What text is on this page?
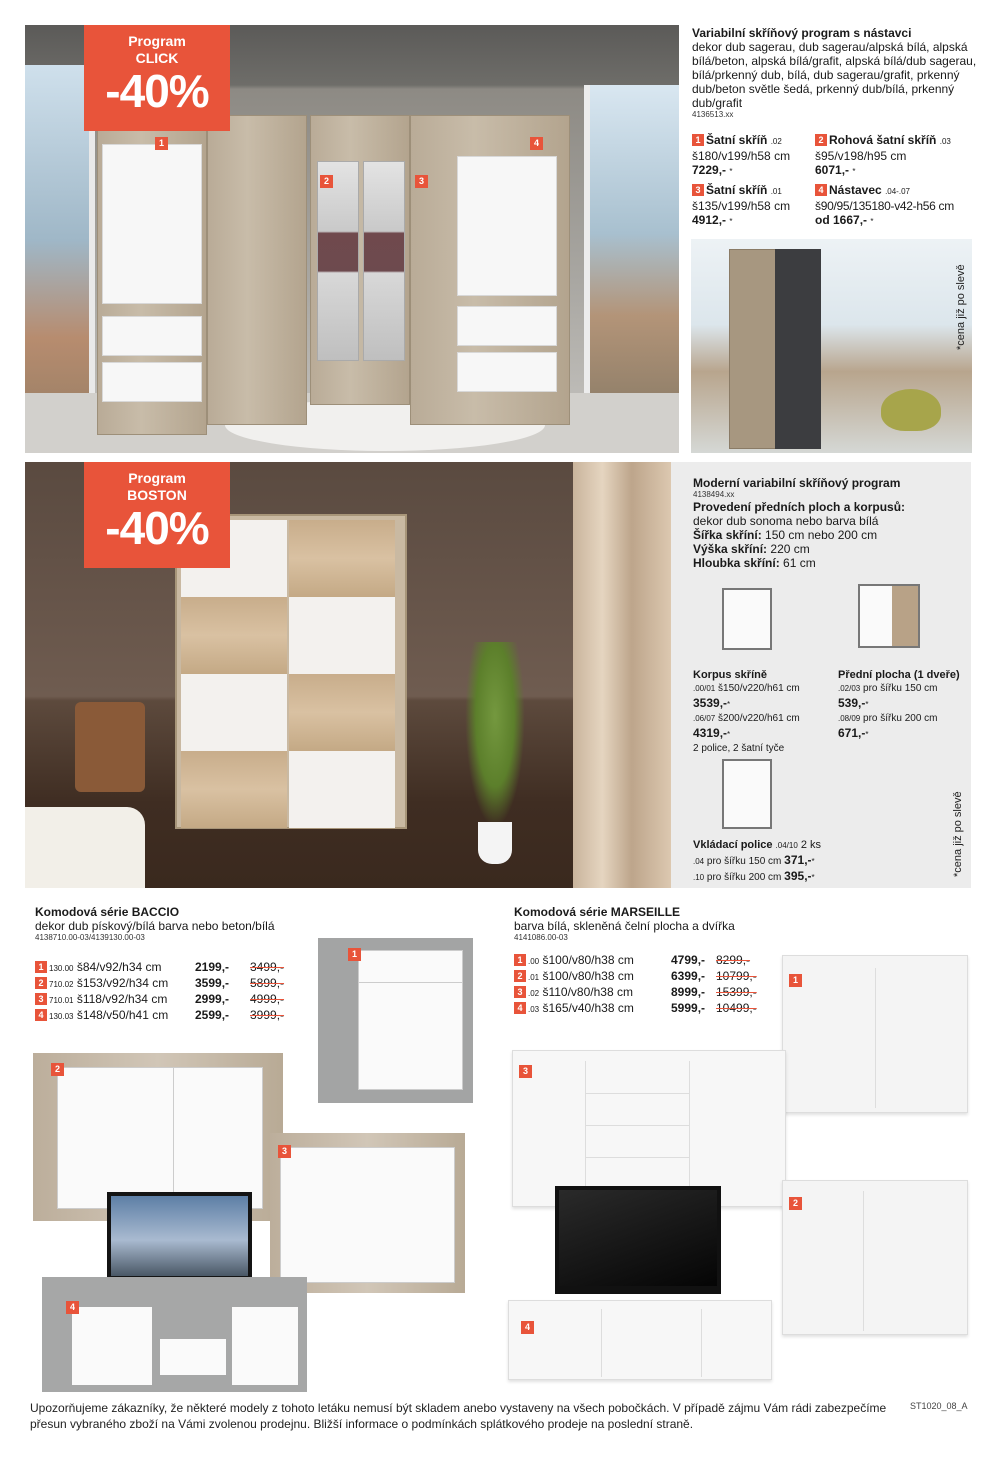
1
2	3
4
Program
CLICK
-40%
Variabilní skříňový program s nástavci
dekor dub sagerau, dub sagerau/alpská bílá, alpská bílá/beton, alpská bílá/grafit, alpská bílá/dub sagerau, bílá/prkenný dub, bílá, dub sagerau/grafit, prkenný dub/beton světle šedá, prkenný dub/bílá, prkenný dub/grafit
4136513.xx
1 Šatní skříň .02
š180/v199/h58 cm
7229,- *
2 Rohová šatní skříň .03
š95/v198/h95 cm
6071,- *
3 Šatní skříň .01
š135/v199/h58 cm
4912,- *
4 Nástavec .04-.07
š90/95/135180-v42-h56 cm
od 1667,- *
*cena již po slevě
Program
BOSTON
-40%
Moderní variabilní skříňový program
4138494.xx
Provedení předních ploch a korpusů:
dekor dub sonoma nebo barva bílá
Šířka skříní: 150 cm nebo 200 cm
Výška skříní: 220 cm
Hloubka skříní: 61 cm
Korpus skříně
.00/01 š150/v220/h61 cm
3539,-*
.06/07 š200/v220/h61 cm
4319,-*
2 police, 2 šatní tyče
Přední plocha (1 dveře)
.02/03 pro šířku 150 cm
539,-*
.08/09 pro šířku 200 cm
671,-*
Vkládací police .04/10 2 ks
.04 pro šířku 150 cm 371,-*
.10 pro šířku 200 cm 395,-*
*cena již po slevě
Komodová série BACCIO
dekor dub pískový/bílá barva nebo beton/bílá
4138710.00-03/4139130.00-03
1 130.00 š84/v92/h34 cm	2199,-	3499,-
2 710.02 š153/v92/h34 cm	3599,-	5899,-
3 710.01 š118/v92/h34 cm	2999,-	4999,-
4 130.03 š148/v50/h41 cm	2599,-	3999,-
1
2
3
4
Komodová série MARSEILLE
barva bílá, skleněná čelní plocha a dvířka
4141086.00-03
1 .00 š100/v80/h38 cm	4799,- 8299,-
2 .01 š100/v80/h38 cm	6399,- 10799,-
3 .02 š110/v80/h38 cm	8999,- 15399,-
4 .03 š165/v40/h38 cm	5999,- 10499,-
1
3
2
4
Upozorňujeme zákazníky, že některé modely z tohoto letáku nemusí být skladem anebo vystaveny na všech pobočkách. V případě zájmu Vám rádi zabezpečíme přesun vybraného zboží na Vámi zvolenou prodejnu. Bližší informace o podmínkách splátkového prodeje na poslední straně.
ST1020_08_A
